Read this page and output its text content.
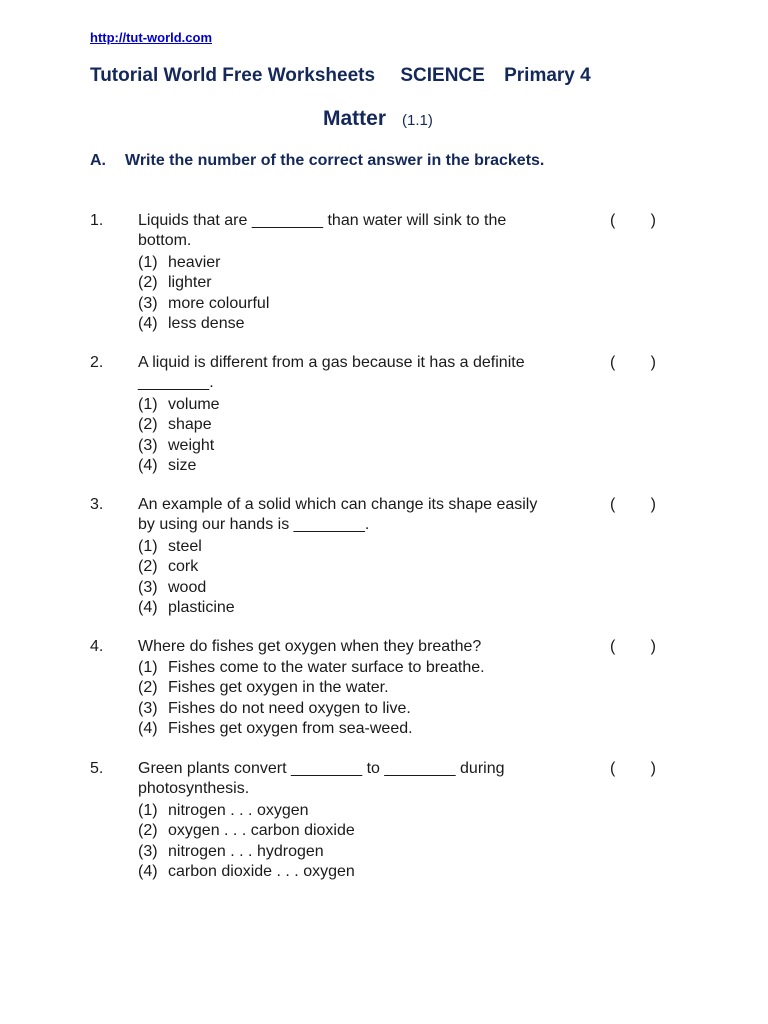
http://tut-world.com
Tutorial World Free Worksheets SCIENCE Primary 4
Matter (1.1)
A. Write the number of the correct answer in the brackets.
1. Liquids that are ________ than water will sink to the bottom.
( )
(1) heavier
(2) lighter
(3) more colourful
(4) less dense
2. A liquid is different from a gas because it has a definite ________.
( )
(1) volume
(2) shape
(3) weight
(4) size
3. An example of a solid which can change its shape easily by using our hands is ________.
( )
(1) steel
(2) cork
(3) wood
(4) plasticine
4. Where do fishes get oxygen when they breathe?	( )
(1) Fishes come to the water surface to breathe.
(2) Fishes get oxygen in the water.
(3) Fishes do not need oxygen to live.
(4) Fishes get oxygen from sea-weed.
5. Green plants convert ________ to ________ during photosynthesis.
( )
(1) nitrogen . . . oxygen
(2) oxygen . . . carbon dioxide
(3) nitrogen . . . hydrogen
(4) carbon dioxide . . . oxygen
